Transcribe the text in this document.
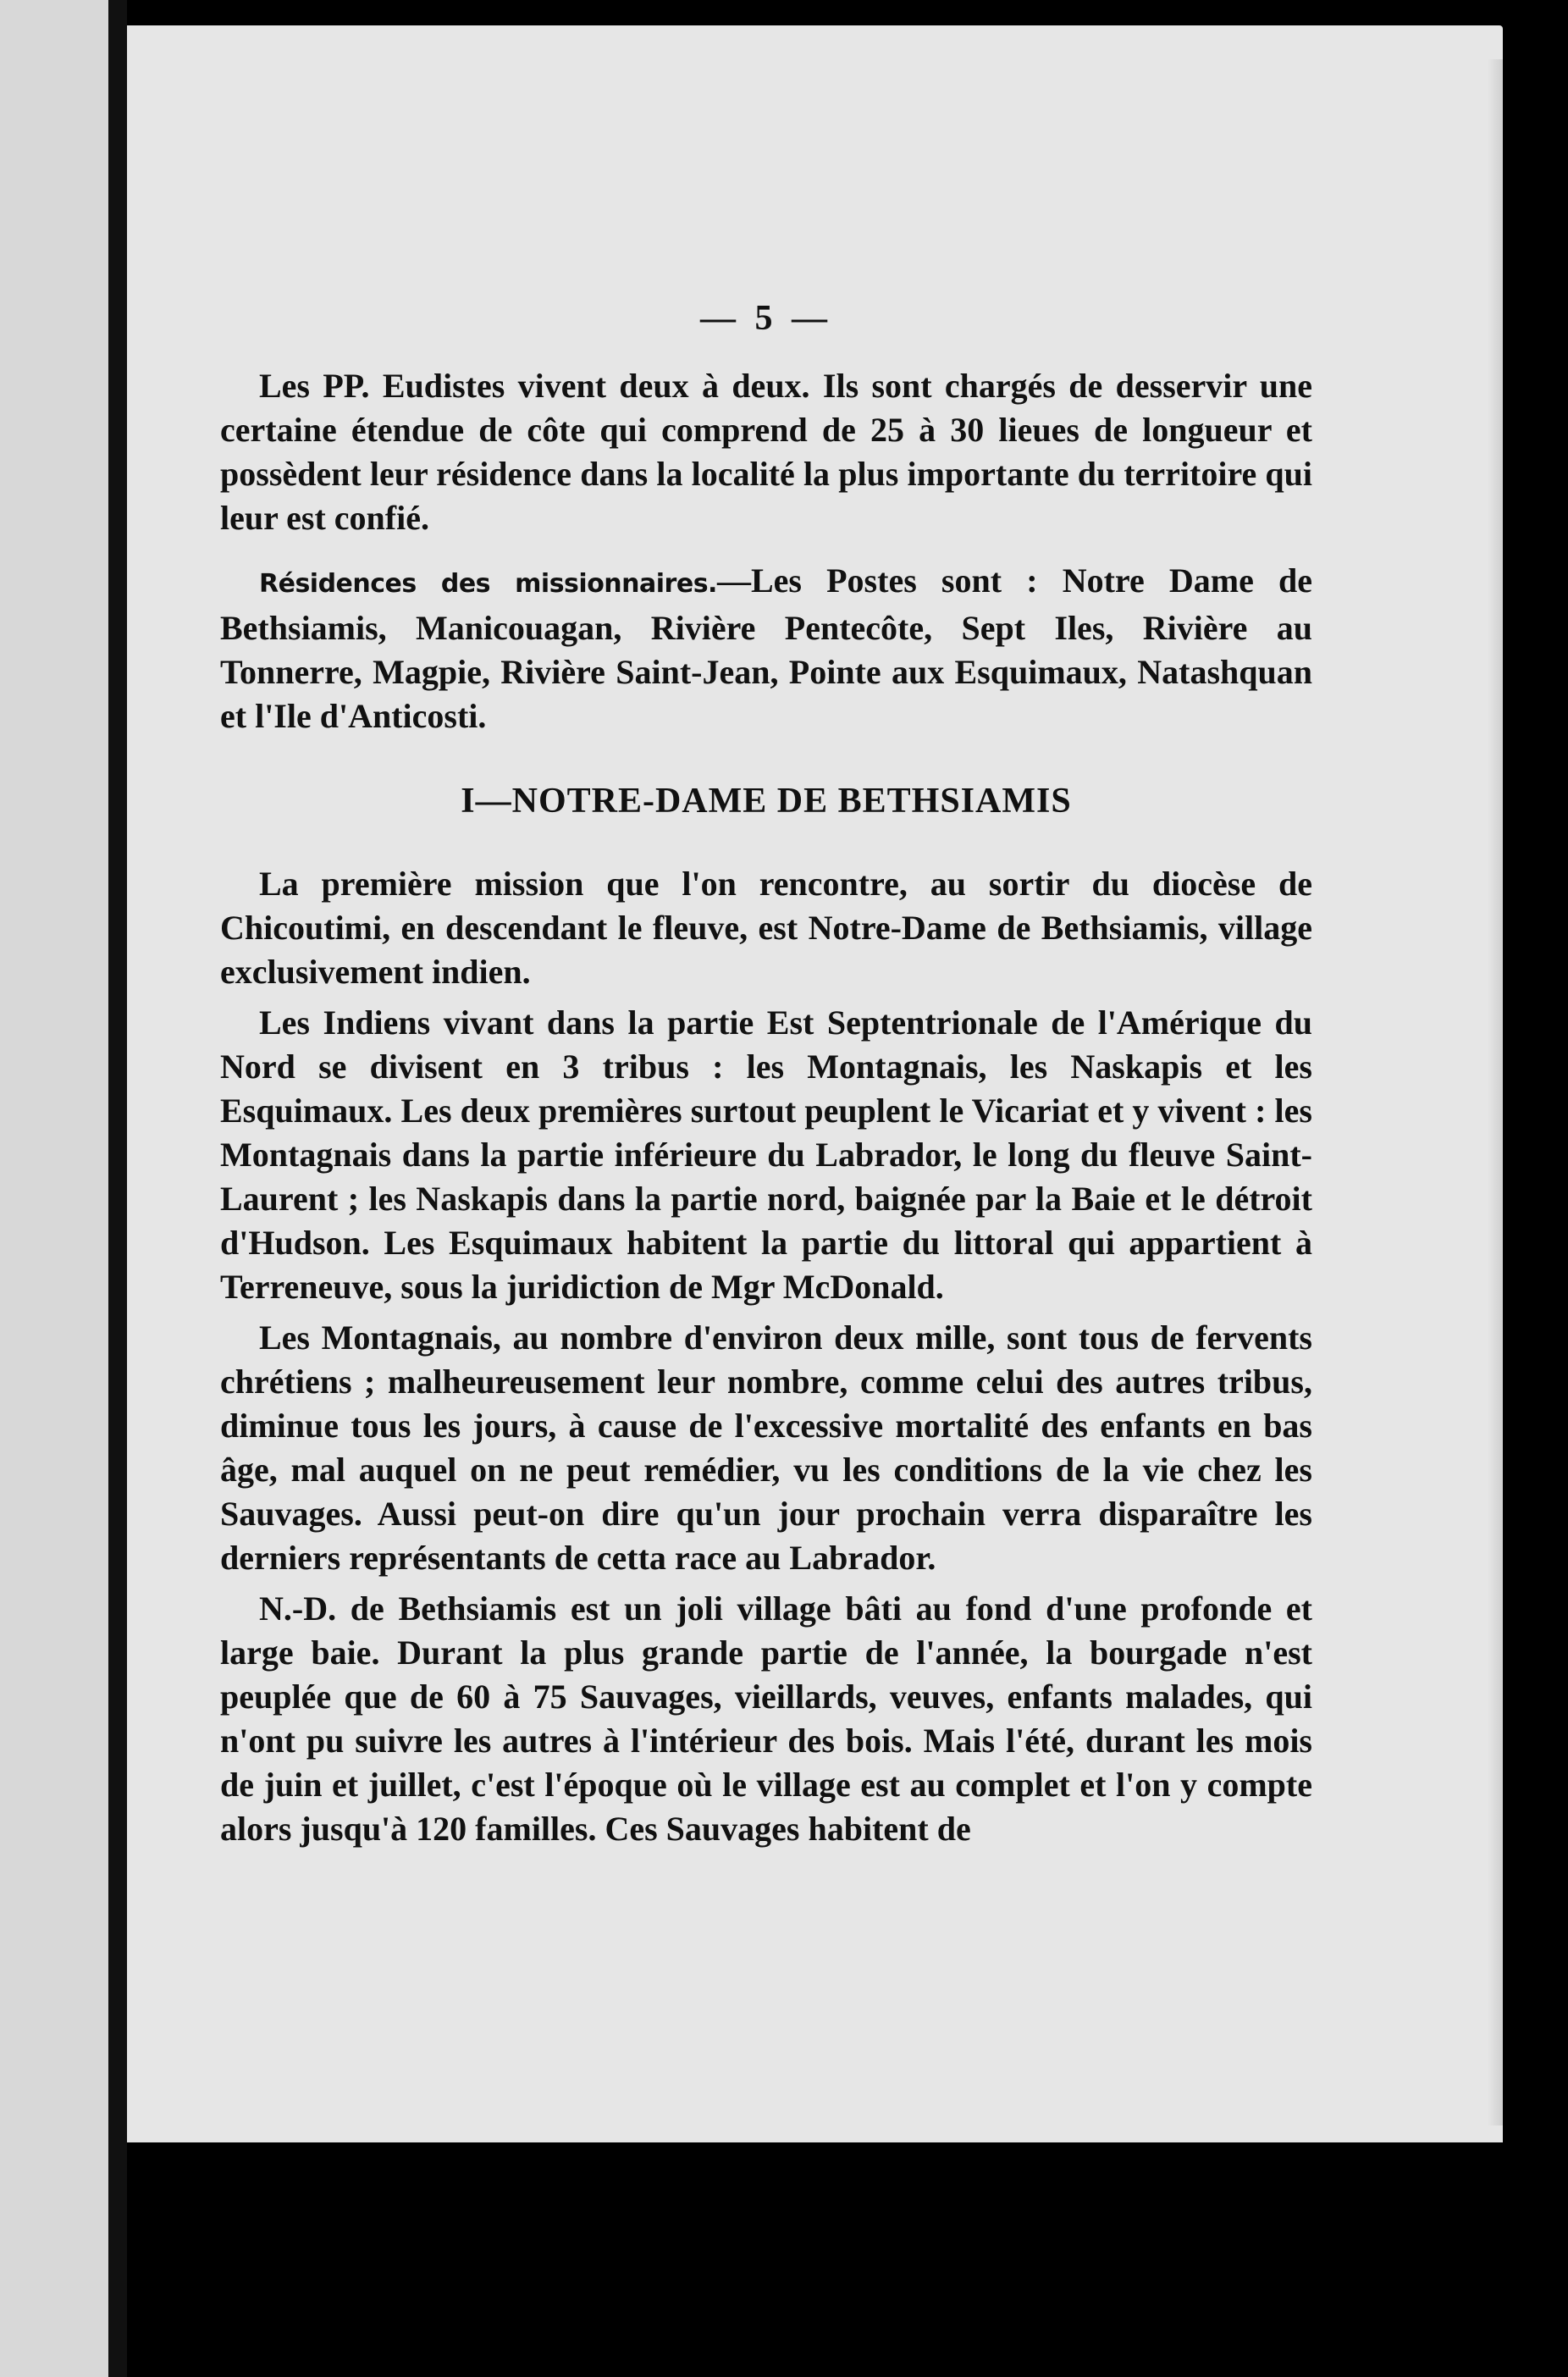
— 5 —

Les PP. Eudistes vivent deux à deux. Ils sont chargés de desservir une certaine étendue de côte qui comprend de 25 à 30 lieues de longueur et possèdent leur résidence dans la localité la plus importante du territoire qui leur est confié.

Résidences des missionnaires.—Les Postes sont : Notre Dame de Bethsiamis, Manicouagan, Rivière Pentecôte, Sept Iles, Rivière au Tonnerre, Magpie, Rivière Saint-Jean, Pointe aux Esquimaux, Natashquan et l'Ile d'Anticosti.

I—NOTRE-DAME DE BETHSIAMIS

La première mission que l'on rencontre, au sortir du diocèse de Chicoutimi, en descendant le fleuve, est Notre-Dame de Bethsiamis, village exclusivement indien.

Les Indiens vivant dans la partie Est Septentrionale de l'Amérique du Nord se divisent en 3 tribus : les Montagnais, les Naskapis et les Esquimaux. Les deux premières surtout peuplent le Vicariat et y vivent : les Montagnais dans la partie inférieure du Labrador, le long du fleuve Saint-Laurent ; les Naskapis dans la partie nord, baignée par la Baie et le détroit d'Hudson. Les Esquimaux habitent la partie du littoral qui appartient à Terreneuve, sous la juridiction de Mgr McDonald.

Les Montagnais, au nombre d'environ deux mille, sont tous de fervents chrétiens ; malheureusement leur nombre, comme celui des autres tribus, diminue tous les jours, à cause de l'excessive mortalité des enfants en bas âge, mal auquel on ne peut remédier, vu les conditions de la vie chez les Sauvages. Aussi peut-on dire qu'un jour prochain verra disparaître les derniers représentants de cetta race au Labrador.

N.-D. de Bethsiamis est un joli village bâti au fond d'une profonde et large baie. Durant la plus grande partie de l'année, la bourgade n'est peuplée que de 60 à 75 Sauvages, vieillards, veuves, enfants malades, qui n'ont pu suivre les autres à l'intérieur des bois. Mais l'été, durant les mois de juin et juillet, c'est l'époque où le village est au complet et l'on y compte alors jusqu'à 120 familles. Ces Sauvages habitent de
